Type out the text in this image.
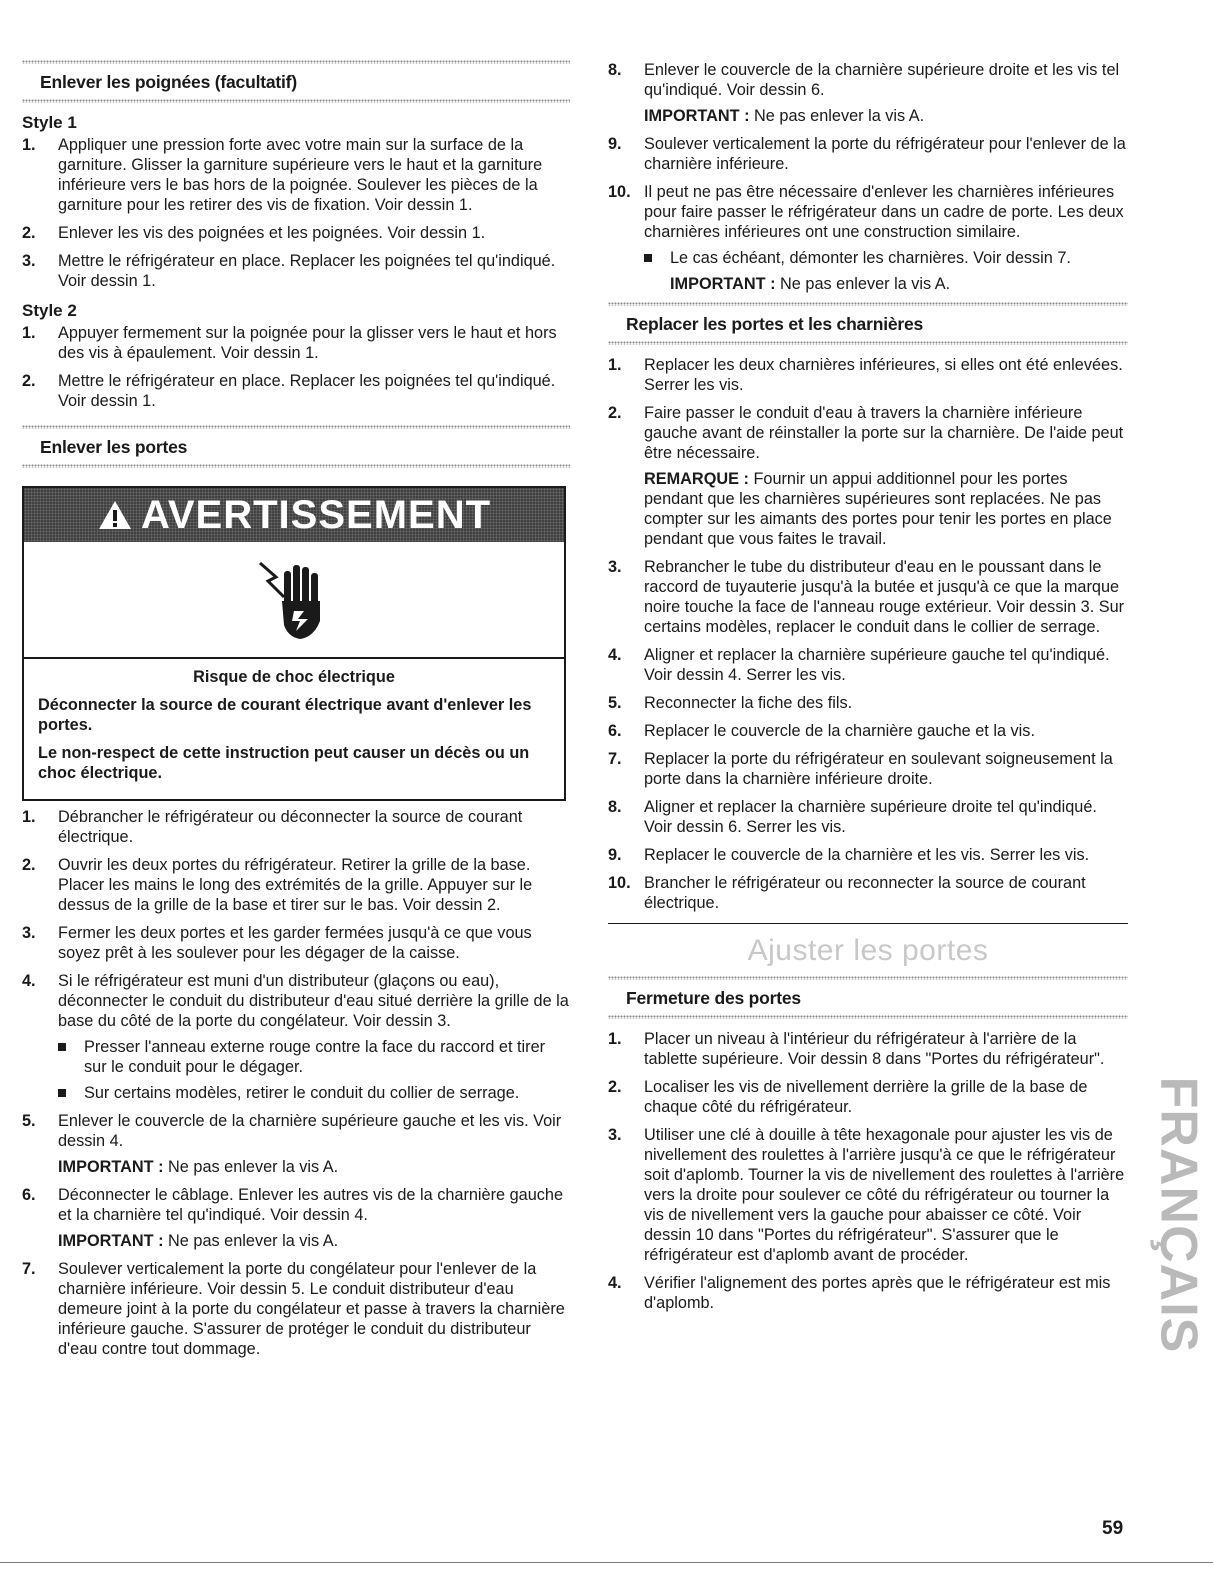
Enlever les poignées (facultatif)
Style 1
1. Appliquer une pression forte avec votre main sur la surface de la garniture. Glisser la garniture supérieure vers le haut et la garniture inférieure vers le bas hors de la poignée. Soulever les pièces de la garniture pour les retirer des vis de fixation. Voir dessin 1.
2. Enlever les vis des poignées et les poignées. Voir dessin 1.
3. Mettre le réfrigérateur en place. Replacer les poignées tel qu'indiqué. Voir dessin 1.
Style 2
1. Appuyer fermement sur la poignée pour la glisser vers le haut et hors des vis à épaulement. Voir dessin 1.
2. Mettre le réfrigérateur en place. Replacer les poignées tel qu'indiqué. Voir dessin 1.
Enlever les portes
AVERTISSEMENT
Risque de choc électrique

Déconnecter la source de courant électrique avant d'enlever les portes.

Le non-respect de cette instruction peut causer un décès ou un choc électrique.

1. Débrancher le réfrigérateur ou déconnecter la source de courant électrique.
2. Ouvrir les deux portes du réfrigérateur. Retirer la grille de la base. Placer les mains le long des extrémités de la grille. Appuyer sur le dessus de la grille de la base et tirer sur le bas. Voir dessin 2.
3. Fermer les deux portes et les garder fermées jusqu'à ce que vous soyez prêt à les soulever pour les dégager de la caisse.
4. Si le réfrigérateur est muni d'un distributeur (glaçons ou eau), déconnecter le conduit du distributeur d'eau situé derrière la grille de la base du côté de la porte du congélateur. Voir dessin 3.
Presser l'anneau externe rouge contre la face du raccord et tirer sur le conduit pour le dégager.
Sur certains modèles, retirer le conduit du collier de serrage.
5. Enlever le couvercle de la charnière supérieure gauche et les vis. Voir dessin 4.
IMPORTANT : Ne pas enlever la vis A.
6. Déconnecter le câblage. Enlever les autres vis de la charnière gauche et la charnière tel qu'indiqué. Voir dessin 4.
IMPORTANT : Ne pas enlever la vis A.
7. Soulever verticalement la porte du congélateur pour l'enlever de la charnière inférieure. Voir dessin 5. Le conduit distributeur d'eau demeure joint à la porte du congélateur et passe à travers la charnière inférieure gauche. S'assurer de protéger le conduit du distributeur d'eau contre tout dommage.
8. Enlever le couvercle de la charnière supérieure droite et les vis tel qu'indiqué. Voir dessin 6.
IMPORTANT : Ne pas enlever la vis A.
9. Soulever verticalement la porte du réfrigérateur pour l'enlever de la charnière inférieure.
10. Il peut ne pas être nécessaire d'enlever les charnières inférieures pour faire passer le réfrigérateur dans un cadre de porte. Les deux charnières inférieures ont une construction similaire.
Le cas échéant, démonter les charnières. Voir dessin 7.
IMPORTANT : Ne pas enlever la vis A.
Replacer les portes et les charnières
1. Replacer les deux charnières inférieures, si elles ont été enlevées. Serrer les vis.
2. Faire passer le conduit d'eau à travers la charnière inférieure gauche avant de réinstaller la porte sur la charnière. De l'aide peut être nécessaire.
REMARQUE : Fournir un appui additionnel pour les portes pendant que les charnières supérieures sont replacées. Ne pas compter sur les aimants des portes pour tenir les portes en place pendant que vous faites le travail.
3. Rebrancher le tube du distributeur d'eau en le poussant dans le raccord de tuyauterie jusqu'à la butée et jusqu'à ce que la marque noire touche la face de l'anneau rouge extérieur. Voir dessin 3. Sur certains modèles, replacer le conduit dans le collier de serrage.
4. Aligner et replacer la charnière supérieure gauche tel qu'indiqué. Voir dessin 4. Serrer les vis.
5. Reconnecter la fiche des fils.
6. Replacer le couvercle de la charnière gauche et la vis.
7. Replacer la porte du réfrigérateur en soulevant soigneusement la porte dans la charnière inférieure droite.
8. Aligner et replacer la charnière supérieure droite tel qu'indiqué. Voir dessin 6. Serrer les vis.
9. Replacer le couvercle de la charnière et les vis. Serrer les vis.
10. Brancher le réfrigérateur ou reconnecter la source de courant électrique.
Ajuster les portes
Fermeture des portes
1. Placer un niveau à l'intérieur du réfrigérateur à l'arrière de la tablette supérieure. Voir dessin 8 dans "Portes du réfrigérateur".
2. Localiser les vis de nivellement derrière la grille de la base de chaque côté du réfrigérateur.
3. Utiliser une clé à douille à tête hexagonale pour ajuster les vis de nivellement des roulettes à l'arrière jusqu'à ce que le réfrigérateur soit d'aplomb. Tourner la vis de nivellement des roulettes à l'arrière vers la droite pour soulever ce côté du réfrigérateur ou tourner la vis de nivellement vers la gauche pour abaisser ce côté. Voir dessin 10 dans "Portes du réfrigérateur". S'assurer que le réfrigérateur est d'aplomb avant de procéder.
4. Vérifier l'alignement des portes après que le réfrigérateur est mis d'aplomb.	FRANÇAIS
59
